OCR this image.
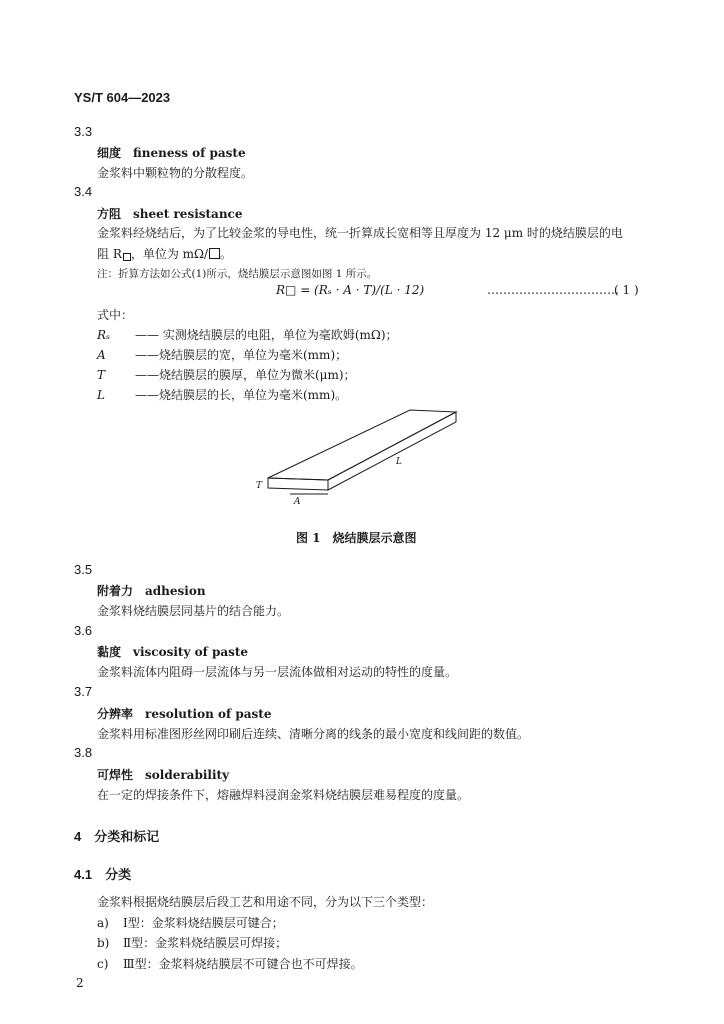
YS/T 604—2023
3.3
细度 fineness of paste
金浆料中颗粒物的分散程度。
3.4
方阻 sheet resistance
金浆料经烧结后，为了比较金浆的导电性，统一折算成长宽相等且厚度为 12 μm 时的烧结膜层的电
阻 R ，单位为 mΩ/ 。
注：折算方法如公式(1)所示，烧结膜层示意图如图 1 所示。
R□ = (Rₛ · A · T)/(L · 12)	……………………………
( 1 )
式中：
Rₛ —— 实测烧结膜层的电阻，单位为毫欧姆(mΩ)；
A ——烧结膜层的宽，单位为毫米(mm)；
T ——烧结膜层的膜厚，单位为微米(μm)；
L	——烧结膜层的长，单位为毫米(mm)。
T
A
L
图 1　烧结膜层示意图
3.5
附着力 adhesion
金浆料烧结膜层同基片的结合能力。
3.6
黏度 viscosity of paste
金浆料流体内阻碍一层流体与另一层流体做相对运动的特性的度量。
3.7
分辨率 resolution of paste
金浆料用标准图形丝网印刷后连续、清晰分离的线条的最小宽度和线间距的数值。
3.8
可焊性 solderability
在一定的焊接条件下，熔融焊料浸润金浆料烧结膜层难易程度的度量。
4　分类和标记
4.1　分类
金浆料根据烧结膜层后段工艺和用途不同，分为以下三个类型：
a) Ⅰ型：金浆料烧结膜层可键合；
b) Ⅱ型：金浆料烧结膜层可焊接；
c) Ⅲ型：金浆料烧结膜层不可键合也不可焊接。
2
